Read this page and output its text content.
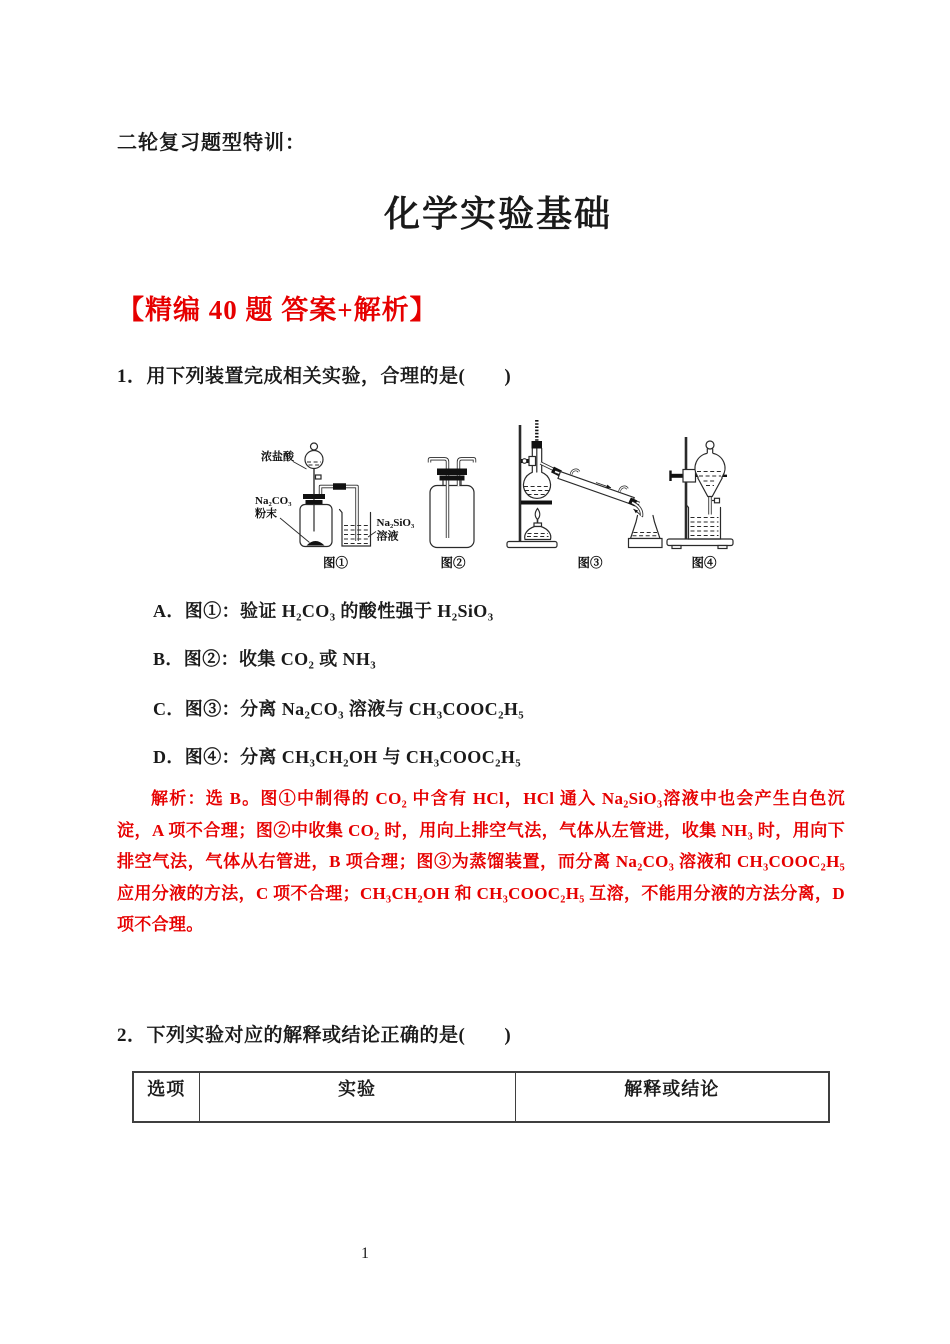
二轮复习题型特训：
化学实验基础
【精编 40 题 答案+解析】
1．用下列装置完成相关实验，合理的是(　　)
浓盐酸
Na₂CO₃
粉末
Na₂SiO₃
溶液
图①	图②	图③	图④
A．图①：验证 H₂CO₃ 的酸性强于 H₂SiO₃
B．图②：收集 CO₂ 或 NH₃
C．图③：分离 Na₂CO₃ 溶液与 CH₃COOC₂H₅
D．图④：分离 CH₃CH₂OH 与 CH₃COOC₂H₅

解析：选 B。图①中制得的 CO₂ 中含有 HCl，HCl 通入 Na₂SiO₃溶液中也会产生白色沉淀，A 项不合理；图②中收集 CO₂ 时，用向上排空气法，气体从左管进，收集 NH₃ 时，用向下排空气法，气体从右管进，B 项合理；图③为蒸馏装置，而分离 Na₂CO₃ 溶液和 CH₃COOC₂H₅ 应用分液的方法，C 项不合理；CH₃CH₂OH 和 CH₃COOC₂H₅ 互溶，不能用分液的方法分离，D 项不合理。

2．下列实验对应的解释或结论正确的是(　　)
选项	实验	解释或结论
1
